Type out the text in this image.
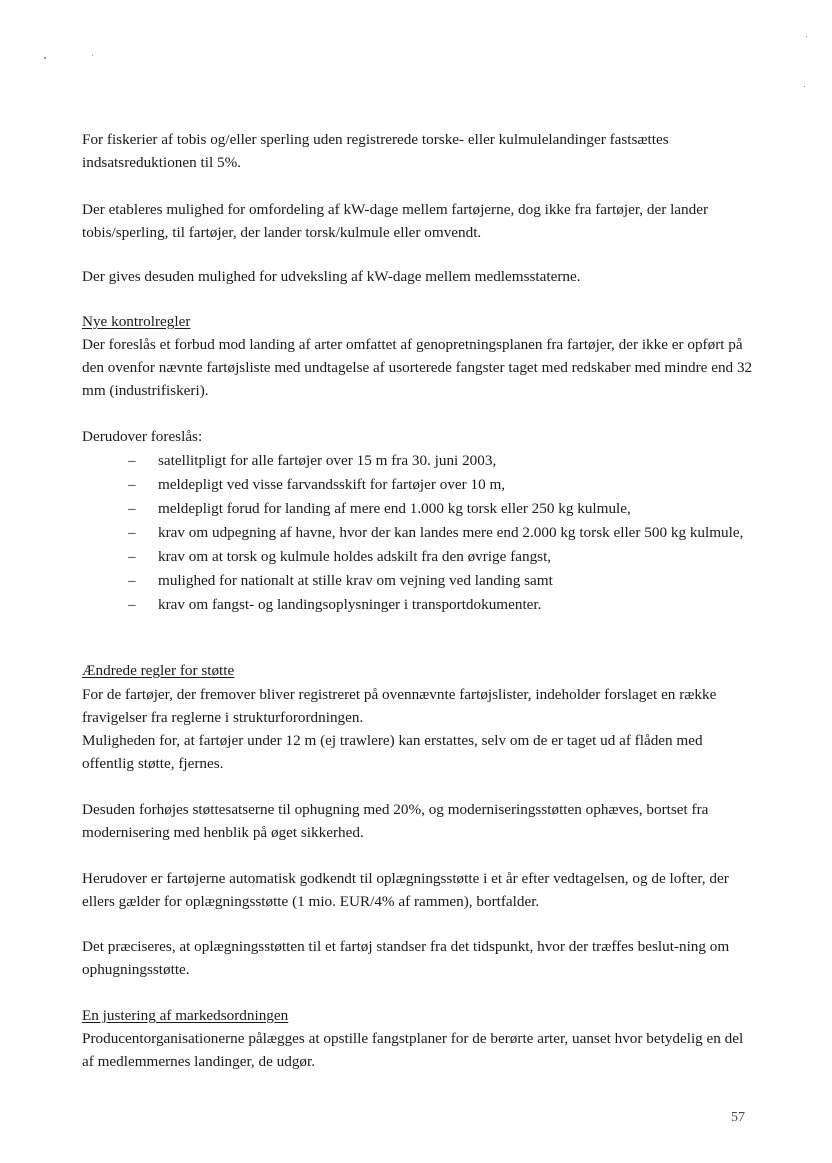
For fiskerier af tobis og/eller sperling uden registrerede torske- eller kulmulelandinger fastsættes indsatsreduktionen til 5%.

Der etableres mulighed for omfordeling af kW-dage mellem fartøjerne, dog ikke fra fartøjer, der lander tobis/sperling, til fartøjer, der lander torsk/kulmule eller omvendt.

Der gives desuden mulighed for udveksling af kW-dage mellem medlemsstaterne.

Nye kontrolregler

Der foreslås et forbud mod landing af arter omfattet af genopretningsplanen fra fartøjer, der ikke er opført på den ovenfor nævnte fartøjsliste med undtagelse af usorterede fangster taget med redskaber med mindre end 32 mm (industrifiskeri).

Derudover foreslås:

– satellitpligt for alle fartøjer over 15 m fra 30. juni 2003,
– meldepligt ved visse farvandsskift for fartøjer over 10 m,
– meldepligt forud for landing af mere end 1.000 kg torsk eller 250 kg kulmule,
– krav om udpegning af havne, hvor der kan landes mere end 2.000 kg torsk eller 500 kg kulmule,
– krav om at torsk og kulmule holdes adskilt fra den øvrige fangst,
– mulighed for nationalt at stille krav om vejning ved landing samt
– krav om fangst- og landingsoplysninger i transportdokumenter.

Ændrede regler for støtte

For de fartøjer, der fremover bliver registreret på ovennævnte fartøjslister, indeholder forslaget en række fravigelser fra reglerne i strukturforordningen.

Muligheden for, at fartøjer under 12 m (ej trawlere) kan erstattes, selv om de er taget ud af flåden med offentlig støtte, fjernes.

Desuden forhøjes støttesatserne til ophugning med 20%, og moderniseringsstøtten ophæves, bortset fra modernisering med henblik på øget sikkerhed.

Herudover er fartøjerne automatisk godkendt til oplægningsstøtte i et år efter vedtagelsen, og de lofter, der ellers gælder for oplægningsstøtte (1 mio. EUR/4% af rammen), bortfalder.

Det præciseres, at oplægningsstøtten til et fartøj standser fra det tidspunkt, hvor der træffes beslut-ning om ophugningsstøtte.

En justering af markedsordningen

Producentorganisationerne pålægges at opstille fangstplaner for de berørte arter, uanset hvor betydelig en del af medlemmernes landinger, de udgør.

57
